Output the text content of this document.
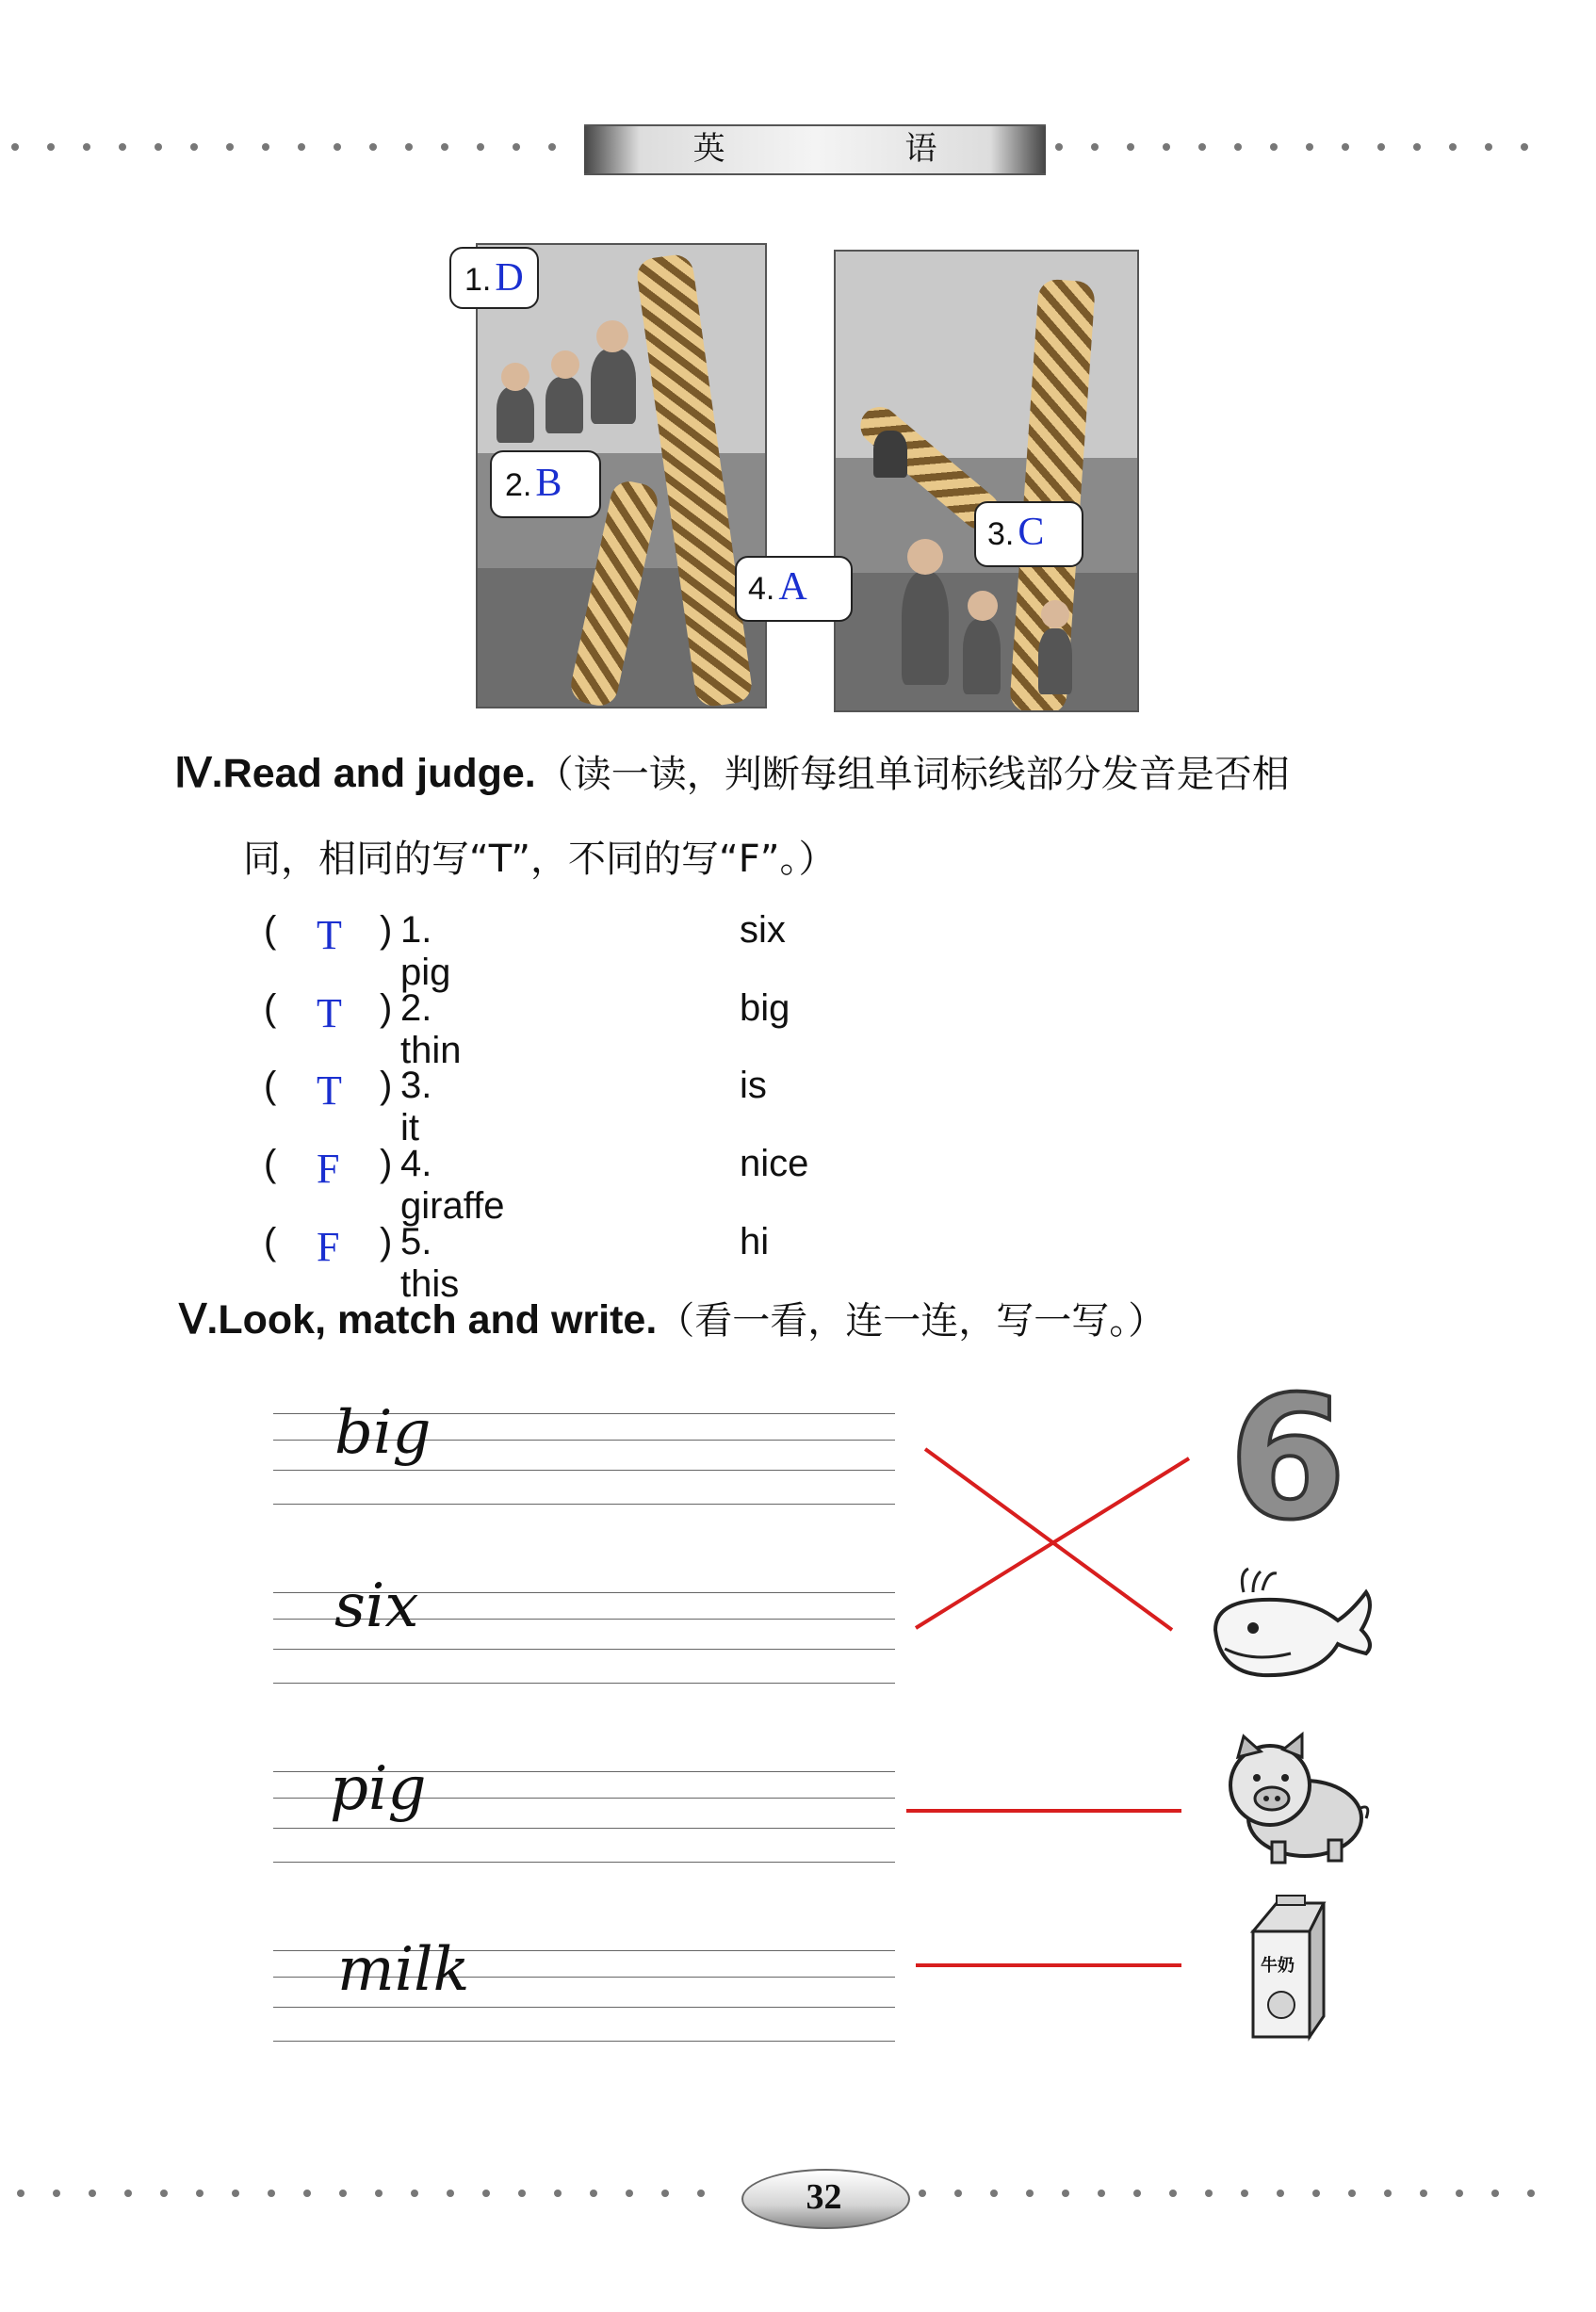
英 语
1.D
2.B
3.C
4.A
Ⅳ.Read and judge.（读一读，判断每组单词标线部分发音是否相
同，相同的写“T”，不同的写“F”。）
( T ) 1. pig
six
( T ) 2. thin
big
( T ) 3. it
is
( F ) 4. giraffe
nice
( F ) 5. this
hi
Ⅴ.Look, match and write.（看一看，连一连，写一写。）
big
six
pig
milk
6
牛奶
32
